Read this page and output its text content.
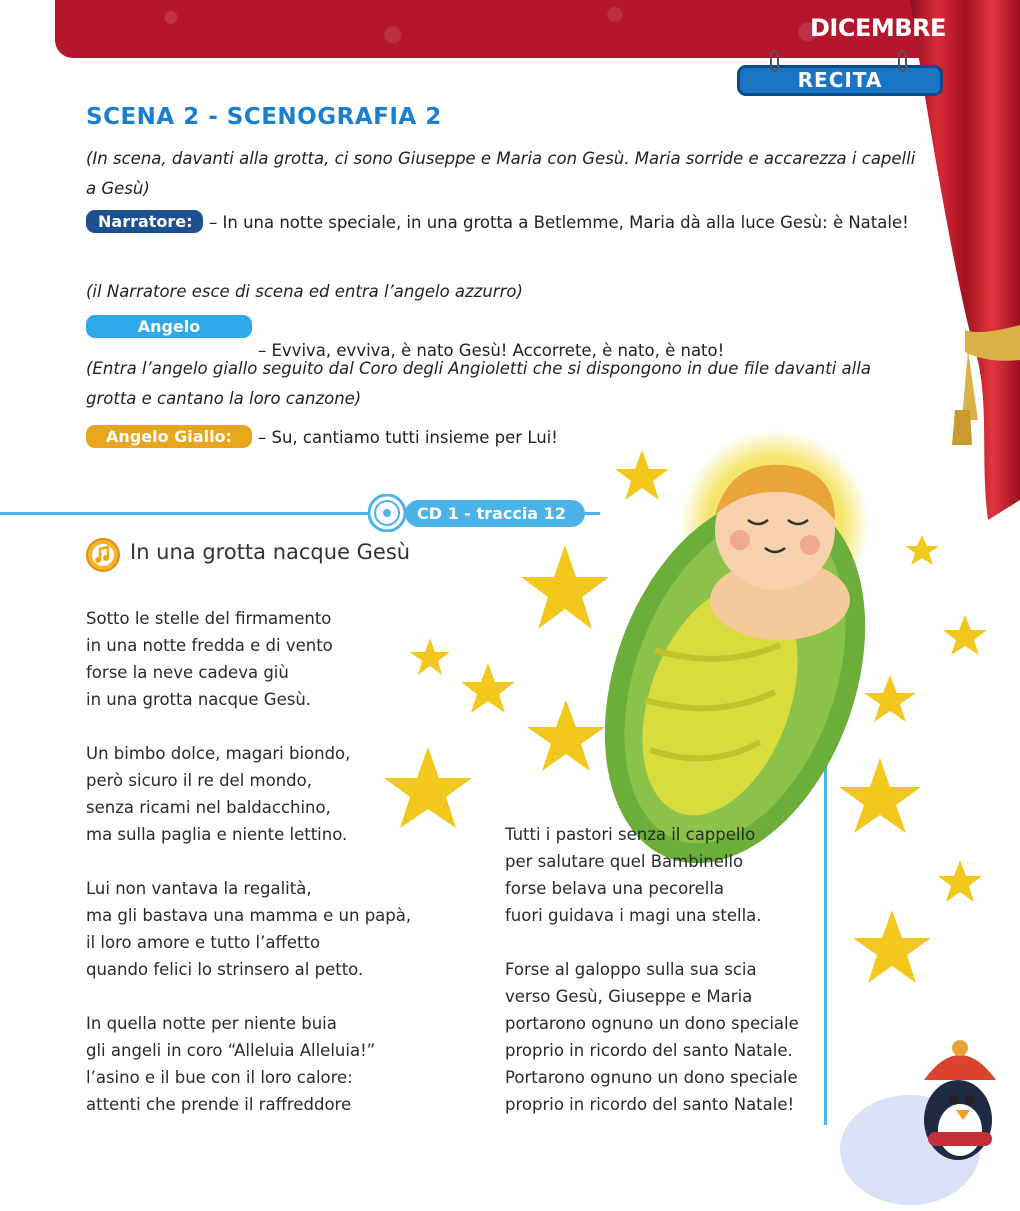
DICEMBRE
RECITA
SCENA 2 - SCENOGRAFIA 2
(In scena, davanti alla grotta, ci sono Giuseppe e Maria con Gesù. Maria sorride e accarezza i capelli a Gesù)
Narratore: – In una notte speciale, in una grotta a Betlemme, Maria dà alla luce Gesù: è Natale!
(il Narratore esce di scena ed entra l’angelo azzurro)
Angelo Azzurro:	– Evviva, evviva, è nato Gesù! Accorrete, è nato, è nato!
(Entra l’angelo giallo seguito dal Coro degli Angioletti che si dispongono in due file davanti alla grotta e cantano la loro canzone)
Angelo Giallo: – Su, cantiamo tutti insieme per Lui!
CD 1 - traccia 12
In una grotta nacque Gesù
Sotto le stelle del firmamento
in una notte fredda e di vento
forse la neve cadeva giù
in una grotta nacque Gesù.
Un bimbo dolce, magari biondo,
però sicuro il re del mondo,
senza ricami nel baldacchino,
ma sulla paglia e niente lettino.
Lui non vantava la regalità,
ma gli bastava una mamma e un papà,
il loro amore e tutto l’affetto
quando felici lo strinsero al petto.
In quella notte per niente buia
gli angeli in coro “Alleluia Alleluia!”
l’asino e il bue con il loro calore:
attenti che prende il raffreddore
Tutti i pastori senza il cappello
per salutare quel Bambinello
forse belava una pecorella
fuori guidava i magi una stella.
Forse al galoppo sulla sua scia
verso Gesù, Giuseppe e Maria
portarono ognuno un dono speciale
proprio in ricordo del santo Natale.
Portarono ognuno un dono speciale
proprio in ricordo del santo Natale!
